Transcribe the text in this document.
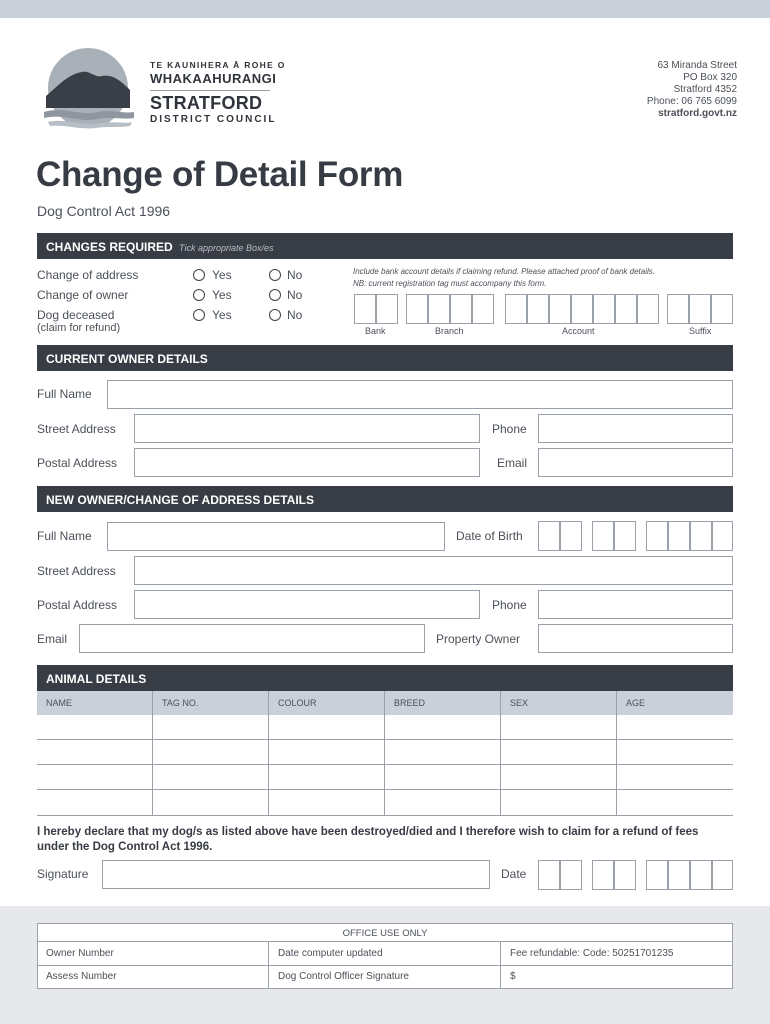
TE KAUNIHERA Ā ROHE O
WHAKAAHURANGI
STRATFORD
DISTRICT COUNCIL
63 Miranda Street
PO Box 320
Stratford 4352
Phone: 06 765 6099
stratford.govt.nz
Change of Detail Form
Dog Control Act 1996
CHANGES REQUIRED Tick appropriate Box/es
Change of address
Change of owner
Dog deceased
(claim for refund)
Yes	No
Yes	No
Yes	No
Include bank account details if claiming refund. Please attached proof of bank details.
NB: current registration tag must accompany this form.
Bank	Branch	Account	Suffix
CURRENT OWNER DETAILS
Full Name
Street Address	Phone
Postal Address	Email
NEW OWNER/CHANGE OF ADDRESS DETAILS
Full Name	Date of Birth
Street Address
Postal Address	Phone
Email	Property Owner
ANIMAL DETAILS
NAME	TAG NO.	COLOUR	BREED	SEX	AGE
I hereby declare that my dog/s as listed above have been destroyed/died and I therefore wish to claim for a refund of fees under the Dog Control Act 1996.
Signature	Date
OFFICE USE ONLY
Owner Number	Date computer updated	Fee refundable: Code: 50251701235
Assess Number	Dog Control Officer Signature	$
